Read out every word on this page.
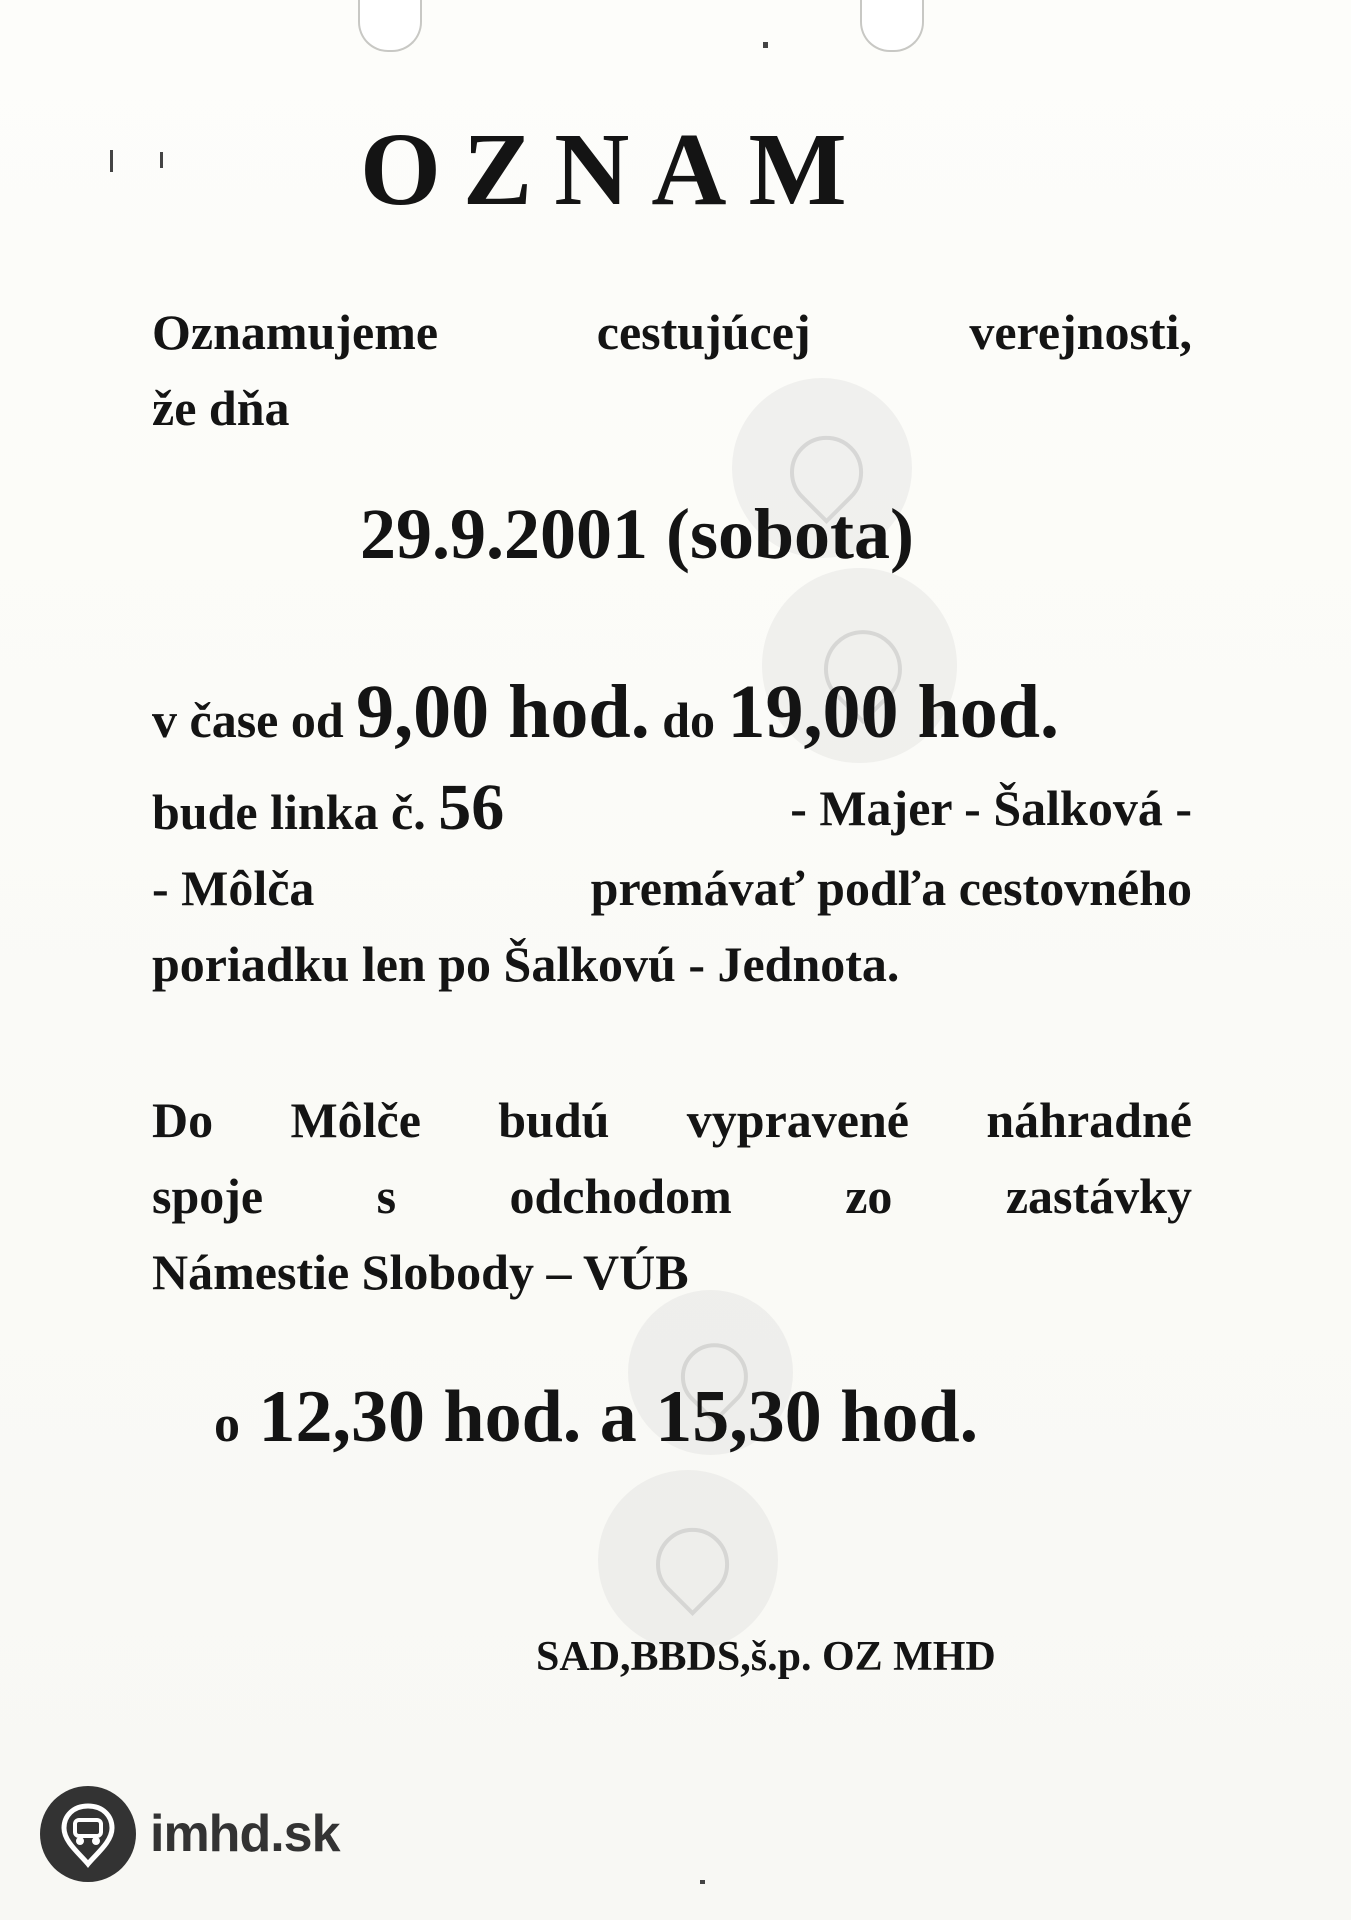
OZNAM
Oznamujeme	cestujúcej	verejnosti,
že dňa
29.9.2001 (sobota)
v čase od 9,00 hod. do 19,00 hod.
bude linka č. 56	- Majer - Šalková -
- Môlča	premávať podľa cestovného
poriadku len po Šalkovú - Jednota.
Do Môlče budú vypravené náhradné
spoje s odchodom zo zastávky
Námestie Slobody – VÚB
o 12,30 hod. a 15,30 hod.
SAD,BBDS,š.p. OZ MHD
imhd.sk
